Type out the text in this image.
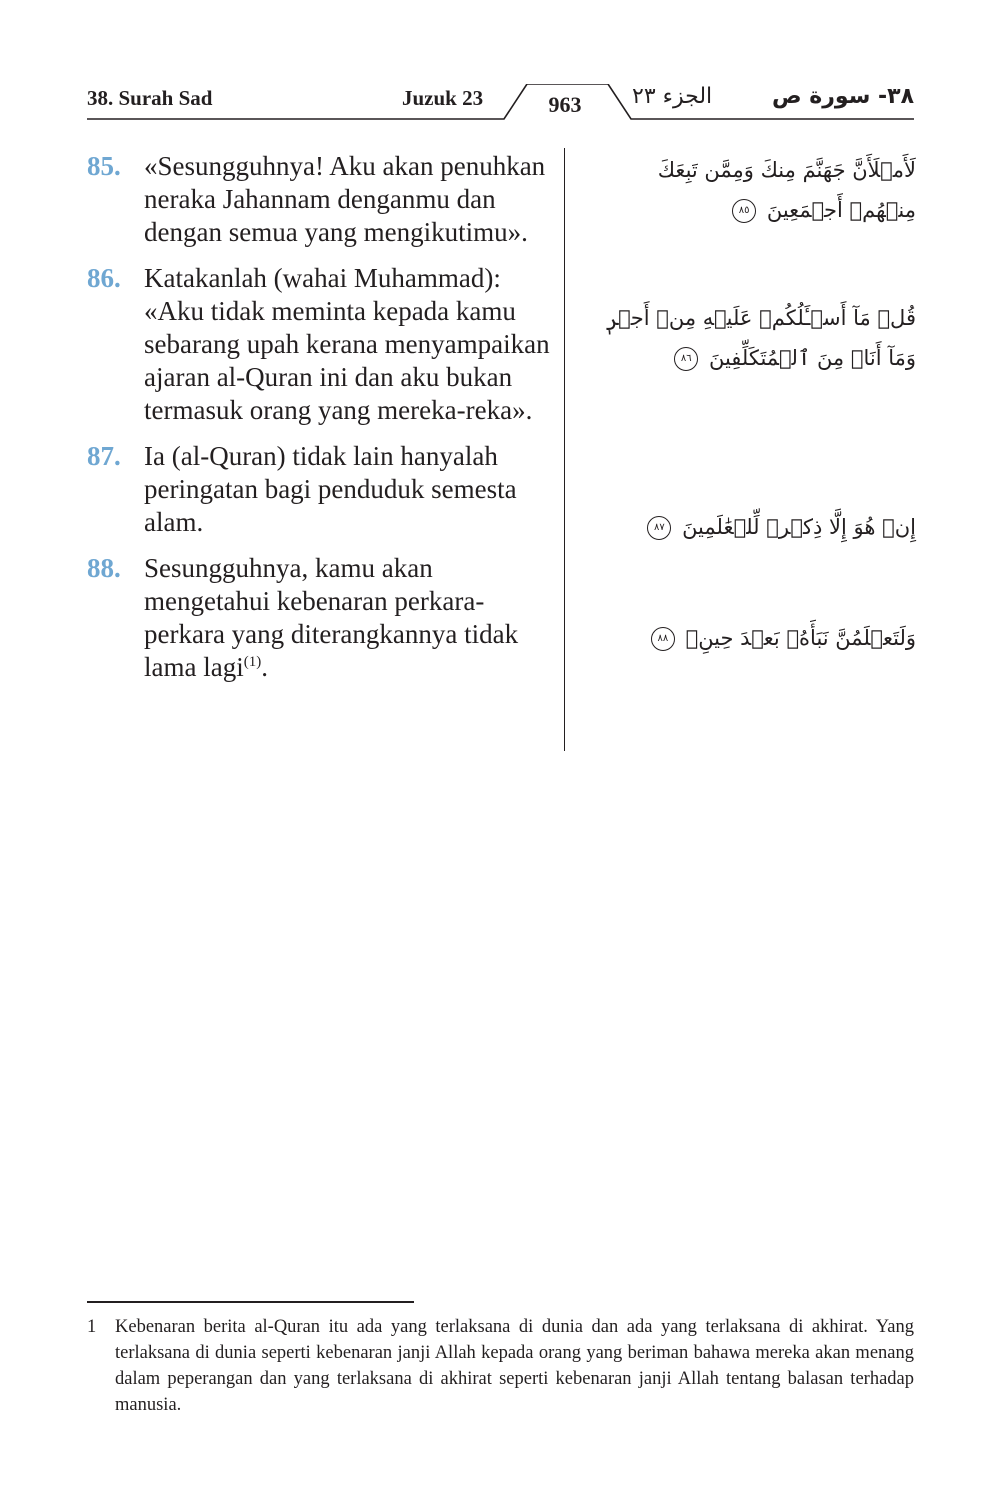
38. Surah Sad	Juzuk 23	963	الجزء ٢٣	٣٨- سورة ص
85. «Sesungguhnya! Aku akan penuhkan neraka Jahannam denganmu dan dengan semua yang mengikutimu».
86. Katakanlah (wahai Muhammad): «Aku tidak meminta kepada kamu sebarang upah kerana menyampaikan ajaran al-Quran ini dan aku bukan termasuk orang yang mereka-reka».
87. Ia (al-Quran) tidak lain hanyalah peringatan bagi penduduk semesta alam.
88. Sesungguhnya, kamu akan mengetahui kebenaran perkara-perkara yang diterangkannya tidak lama lagi$^{(1)}$.
لَأَمۡلَأَنَّ جَهَنَّمَ مِنكَ وَمِمَّن تَبِعَكَ مِنۡهُمۡ أَجۡمَعِينَ ٨٥
قُلۡ مَآ أَسۡـَٔلُكُمۡ عَلَيۡهِ مِنۡ أَجۡرٖ وَمَآ أَنَا۠ مِنَ ٱلۡمُتَكَلِّفِينَ ٨٦
إِنۡ هُوَ إِلَّا ذِكۡرٞ لِّلۡعَٰلَمِينَ ٨٧
وَلَتَعۡلَمُنَّ نَبَأَهُۥ بَعۡدَ حِينِۭ ٨٨
1	Kebenaran berita al-Quran itu ada yang terlaksana di dunia dan ada yang terlaksana di akhirat. Yang terlaksana di dunia seperti kebenaran janji Allah kepada orang yang beriman bahawa mereka akan menang dalam peperangan dan yang terlaksana di akhirat seperti kebenaran janji Allah tentang balasan terhadap manusia.
